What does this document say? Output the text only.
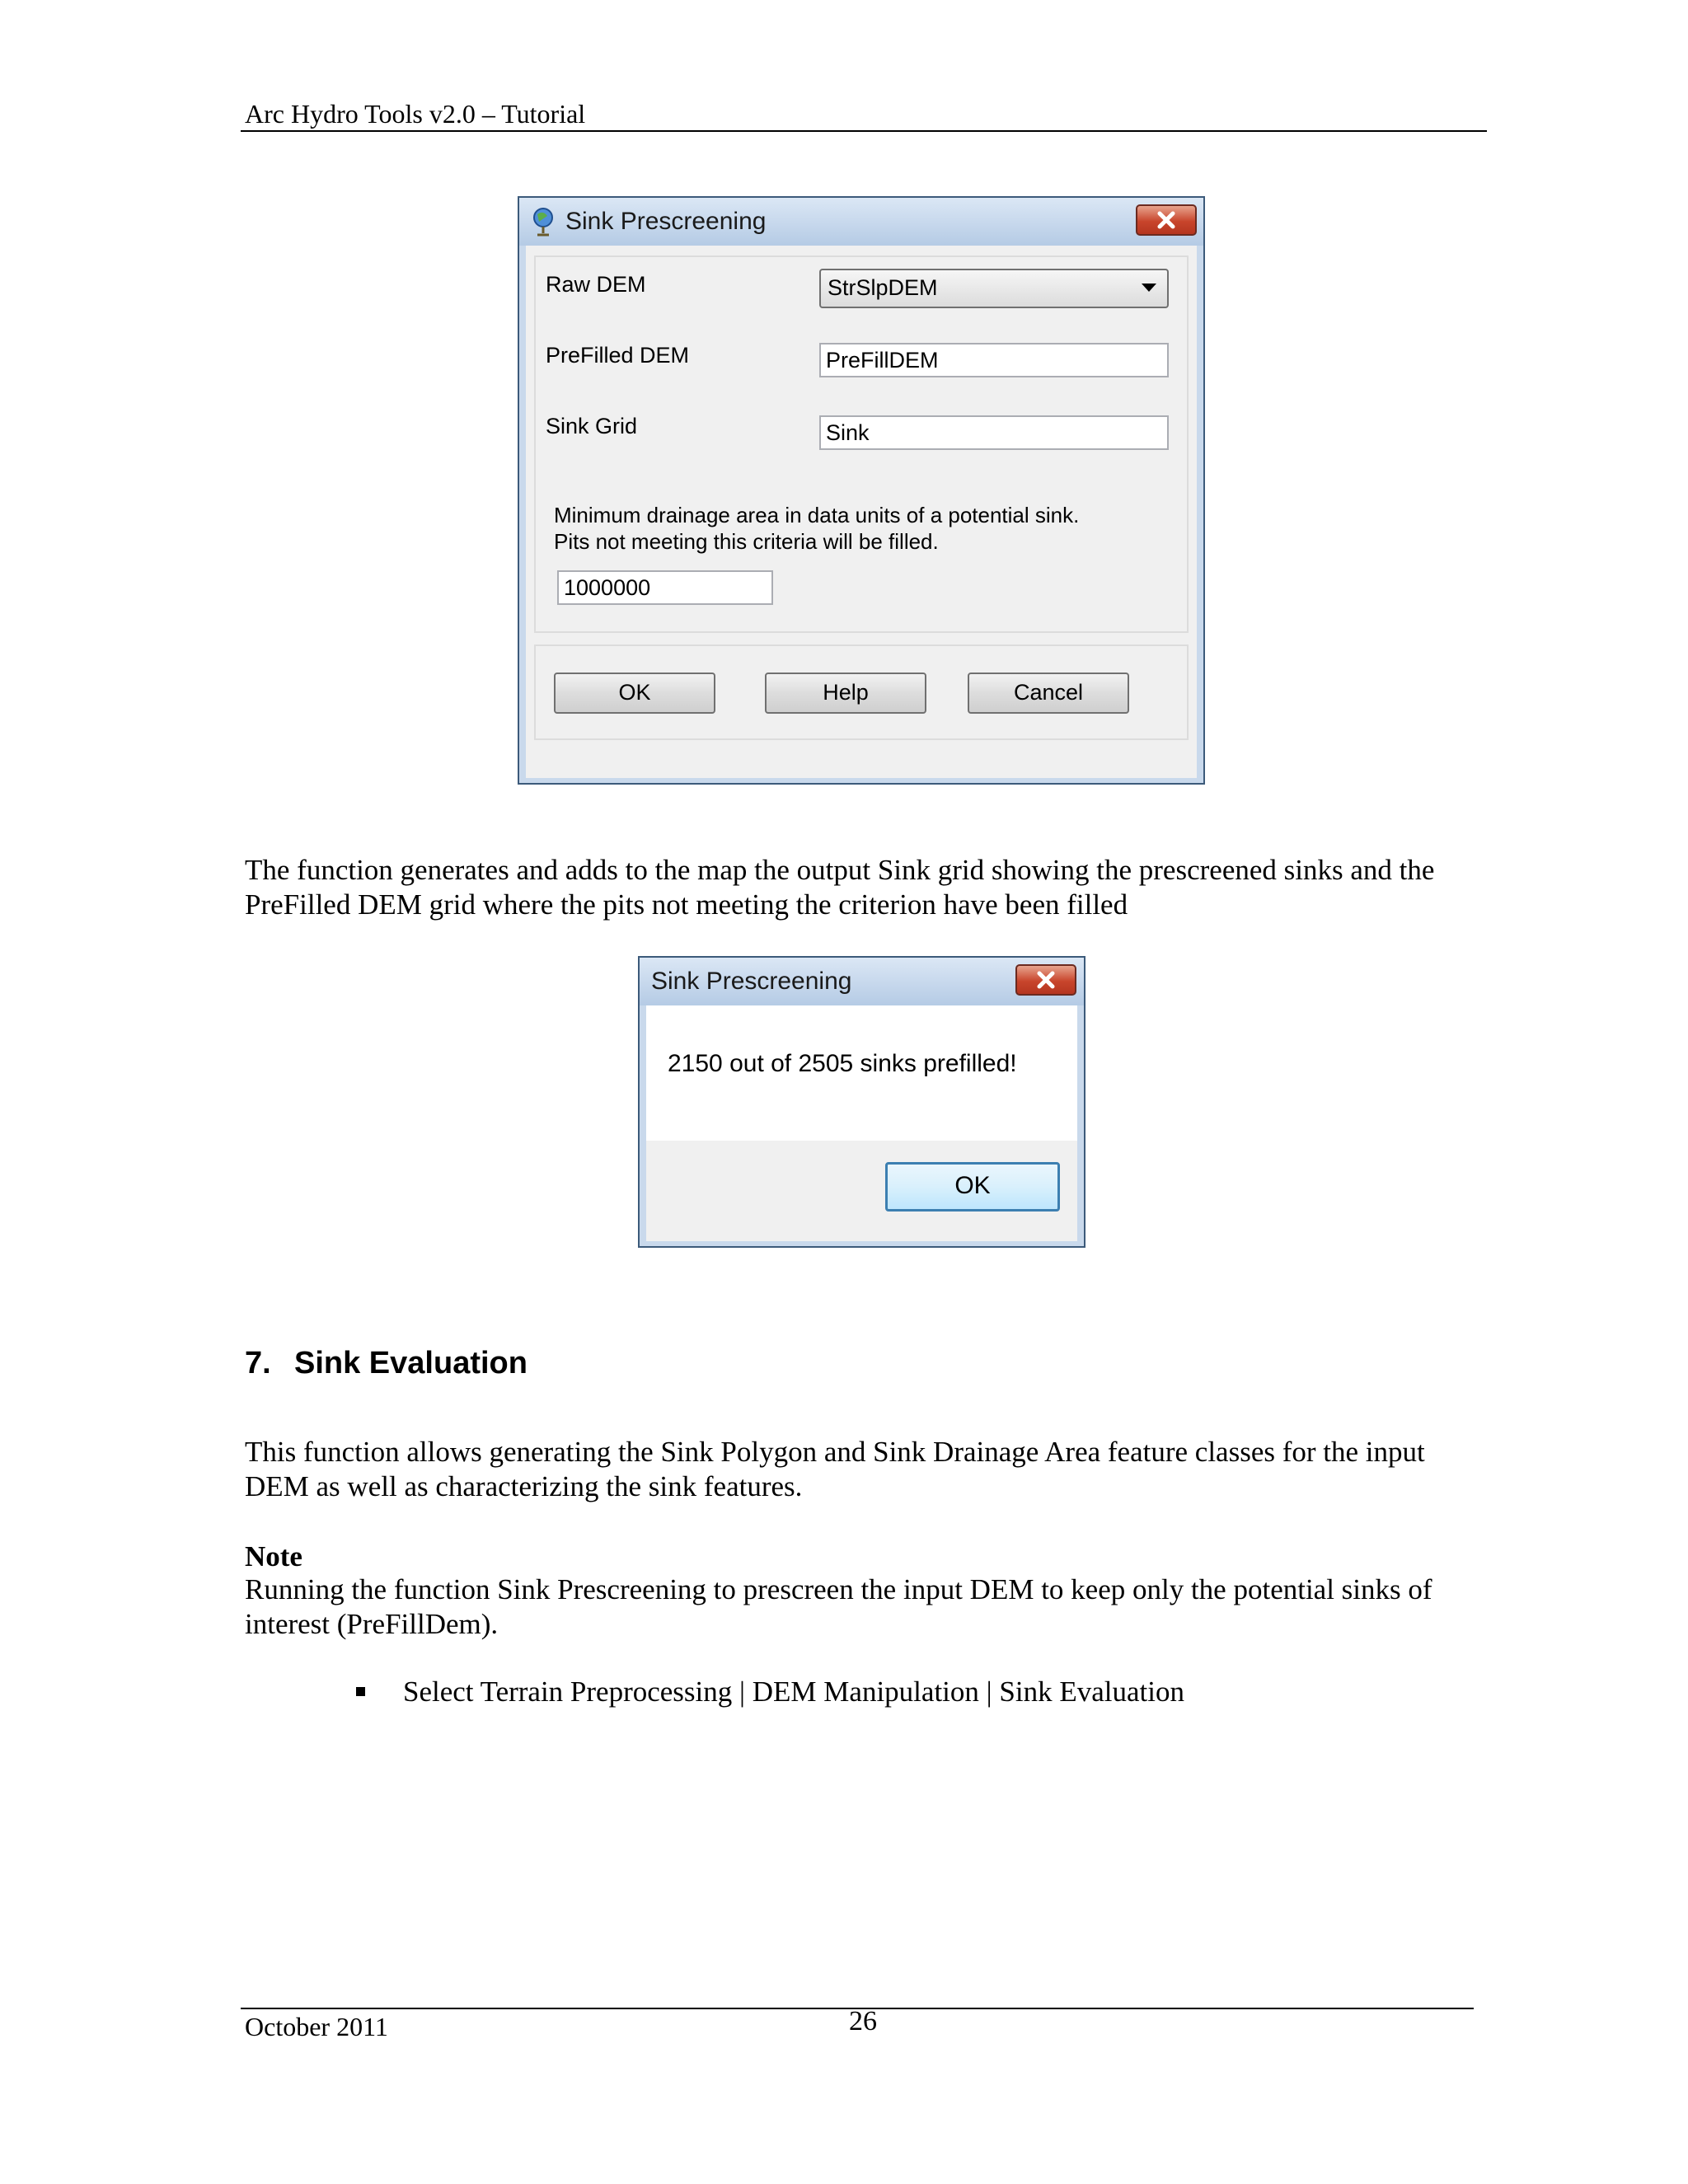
Arc Hydro Tools v2.0 – Tutorial
Sink Prescreening
Raw DEM	StrSlpDEM
PreFilled DEM	PreFillDEM
Sink Grid	Sink
Minimum drainage area in data units of a potential sink.
Pits not meeting this criteria will be filled.
1000000
OK	Help	Cancel
The function generates and adds to the map the output Sink grid showing the prescreened sinks and the
PreFilled DEM grid where the pits not meeting the criterion have been filled
Sink Prescreening
2150 out of 2505 sinks prefilled!
OK
7. Sink Evaluation
This function allows generating the Sink Polygon and Sink Drainage Area feature classes for the input
DEM as well as characterizing the sink features.
Note
Running the function Sink Prescreening to prescreen the input DEM to keep only the potential sinks of
interest (PreFillDem).
Select Terrain Preprocessing | DEM Manipulation | Sink Evaluation
October 2011	26
